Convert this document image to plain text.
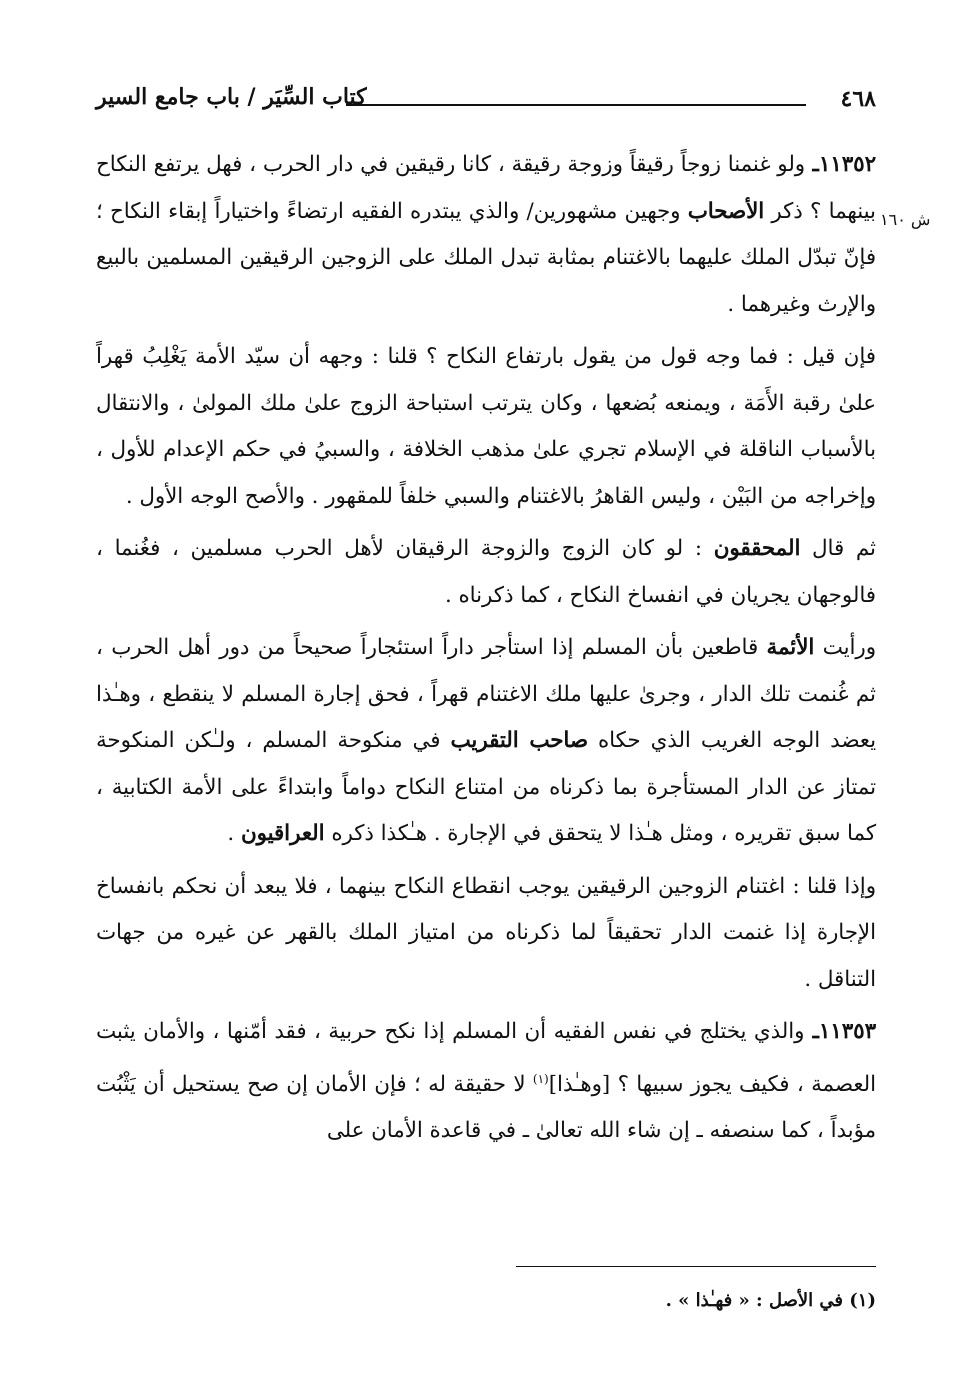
٤٦٨
كتاب السِّيَر / باب جامع السير
ش ١٦٠

١١٣٥٢ـ ولو غنمنا زوجاً رقيقاً وزوجة رقيقة ، كانا رقيقين في دار الحرب ، فهل يرتفع النكاح بينهما ؟ ذكر الأصحاب وجهين مشهورين/ والذي يبتدره الفقيه ارتضاءً واختياراً إبقاء النكاح ؛ فإنّ تبدّل الملك عليهما بالاغتنام بمثابة تبدل الملك على الزوجين الرقيقين المسلمين بالبيع والإرث وغيرهما .

فإن قيل : فما وجه قول من يقول بارتفاع النكاح ؟ قلنا : وجهه أن سيّد الأمة يَغْلِبُ قهراً علىٰ رقبة الأَمَة ، ويمنعه بُضعها ، وكان يترتب استباحة الزوج علىٰ ملك المولىٰ ، والانتقال بالأسباب الناقلة في الإسلام تجري علىٰ مذهب الخلافة ، والسبيُ في حكم الإعدام للأول ، وإخراجه من البَيْن ، وليس القاهرُ بالاغتنام والسبي خلفاً للمقهور . والأصح الوجه الأول .

ثم قال المحققون : لو كان الزوج والزوجة الرقيقان لأهل الحرب مسلمين ، فغُنما ، فالوجهان يجريان في انفساخ النكاح ، كما ذكرناه .

ورأيت الأئمة قاطعين بأن المسلم إذا استأجر داراً استئجاراً صحيحاً من دور أهل الحرب ، ثم غُنمت تلك الدار ، وجرىٰ عليها ملك الاغتنام قهراً ، فحق إجارة المسلم لا ينقطع ، وهـٰذا يعضد الوجه الغريب الذي حكاه صاحب التقريب في منكوحة المسلم ، ولـٰكن المنكوحة تمتاز عن الدار المستأجرة بما ذكرناه من امتناع النكاح دواماً وابتداءً على الأمة الكتابية ، كما سبق تقريره ، ومثل هـٰذا لا يتحقق في الإجارة . هـٰكذا ذكره العراقيون .

وإذا قلنا : اغتنام الزوجين الرقيقين يوجب انقطاع النكاح بينهما ، فلا يبعد أن نحكم بانفساخ الإجارة إذا غنمت الدار تحقيقاً لما ذكرناه من امتياز الملك بالقهر عن غيره من جهات التناقل .

١١٣٥٣ـ والذي يختلج في نفس الفقيه أن المسلم إذا نكح حربية ، فقد أمّنها ، والأمان يثبت العصمة ، فكيف يجوز سبيها ؟ [وهـٰذا]$^{(١)}$ لا حقيقة له ؛ فإن الأمان إن صح يستحيل أن يَثْبُت مؤبداً ، كما سنصفه ـ إن شاء الله تعالىٰ ـ في قاعدة الأمان على

(١) في الأصل : « فهـٰذا » .
